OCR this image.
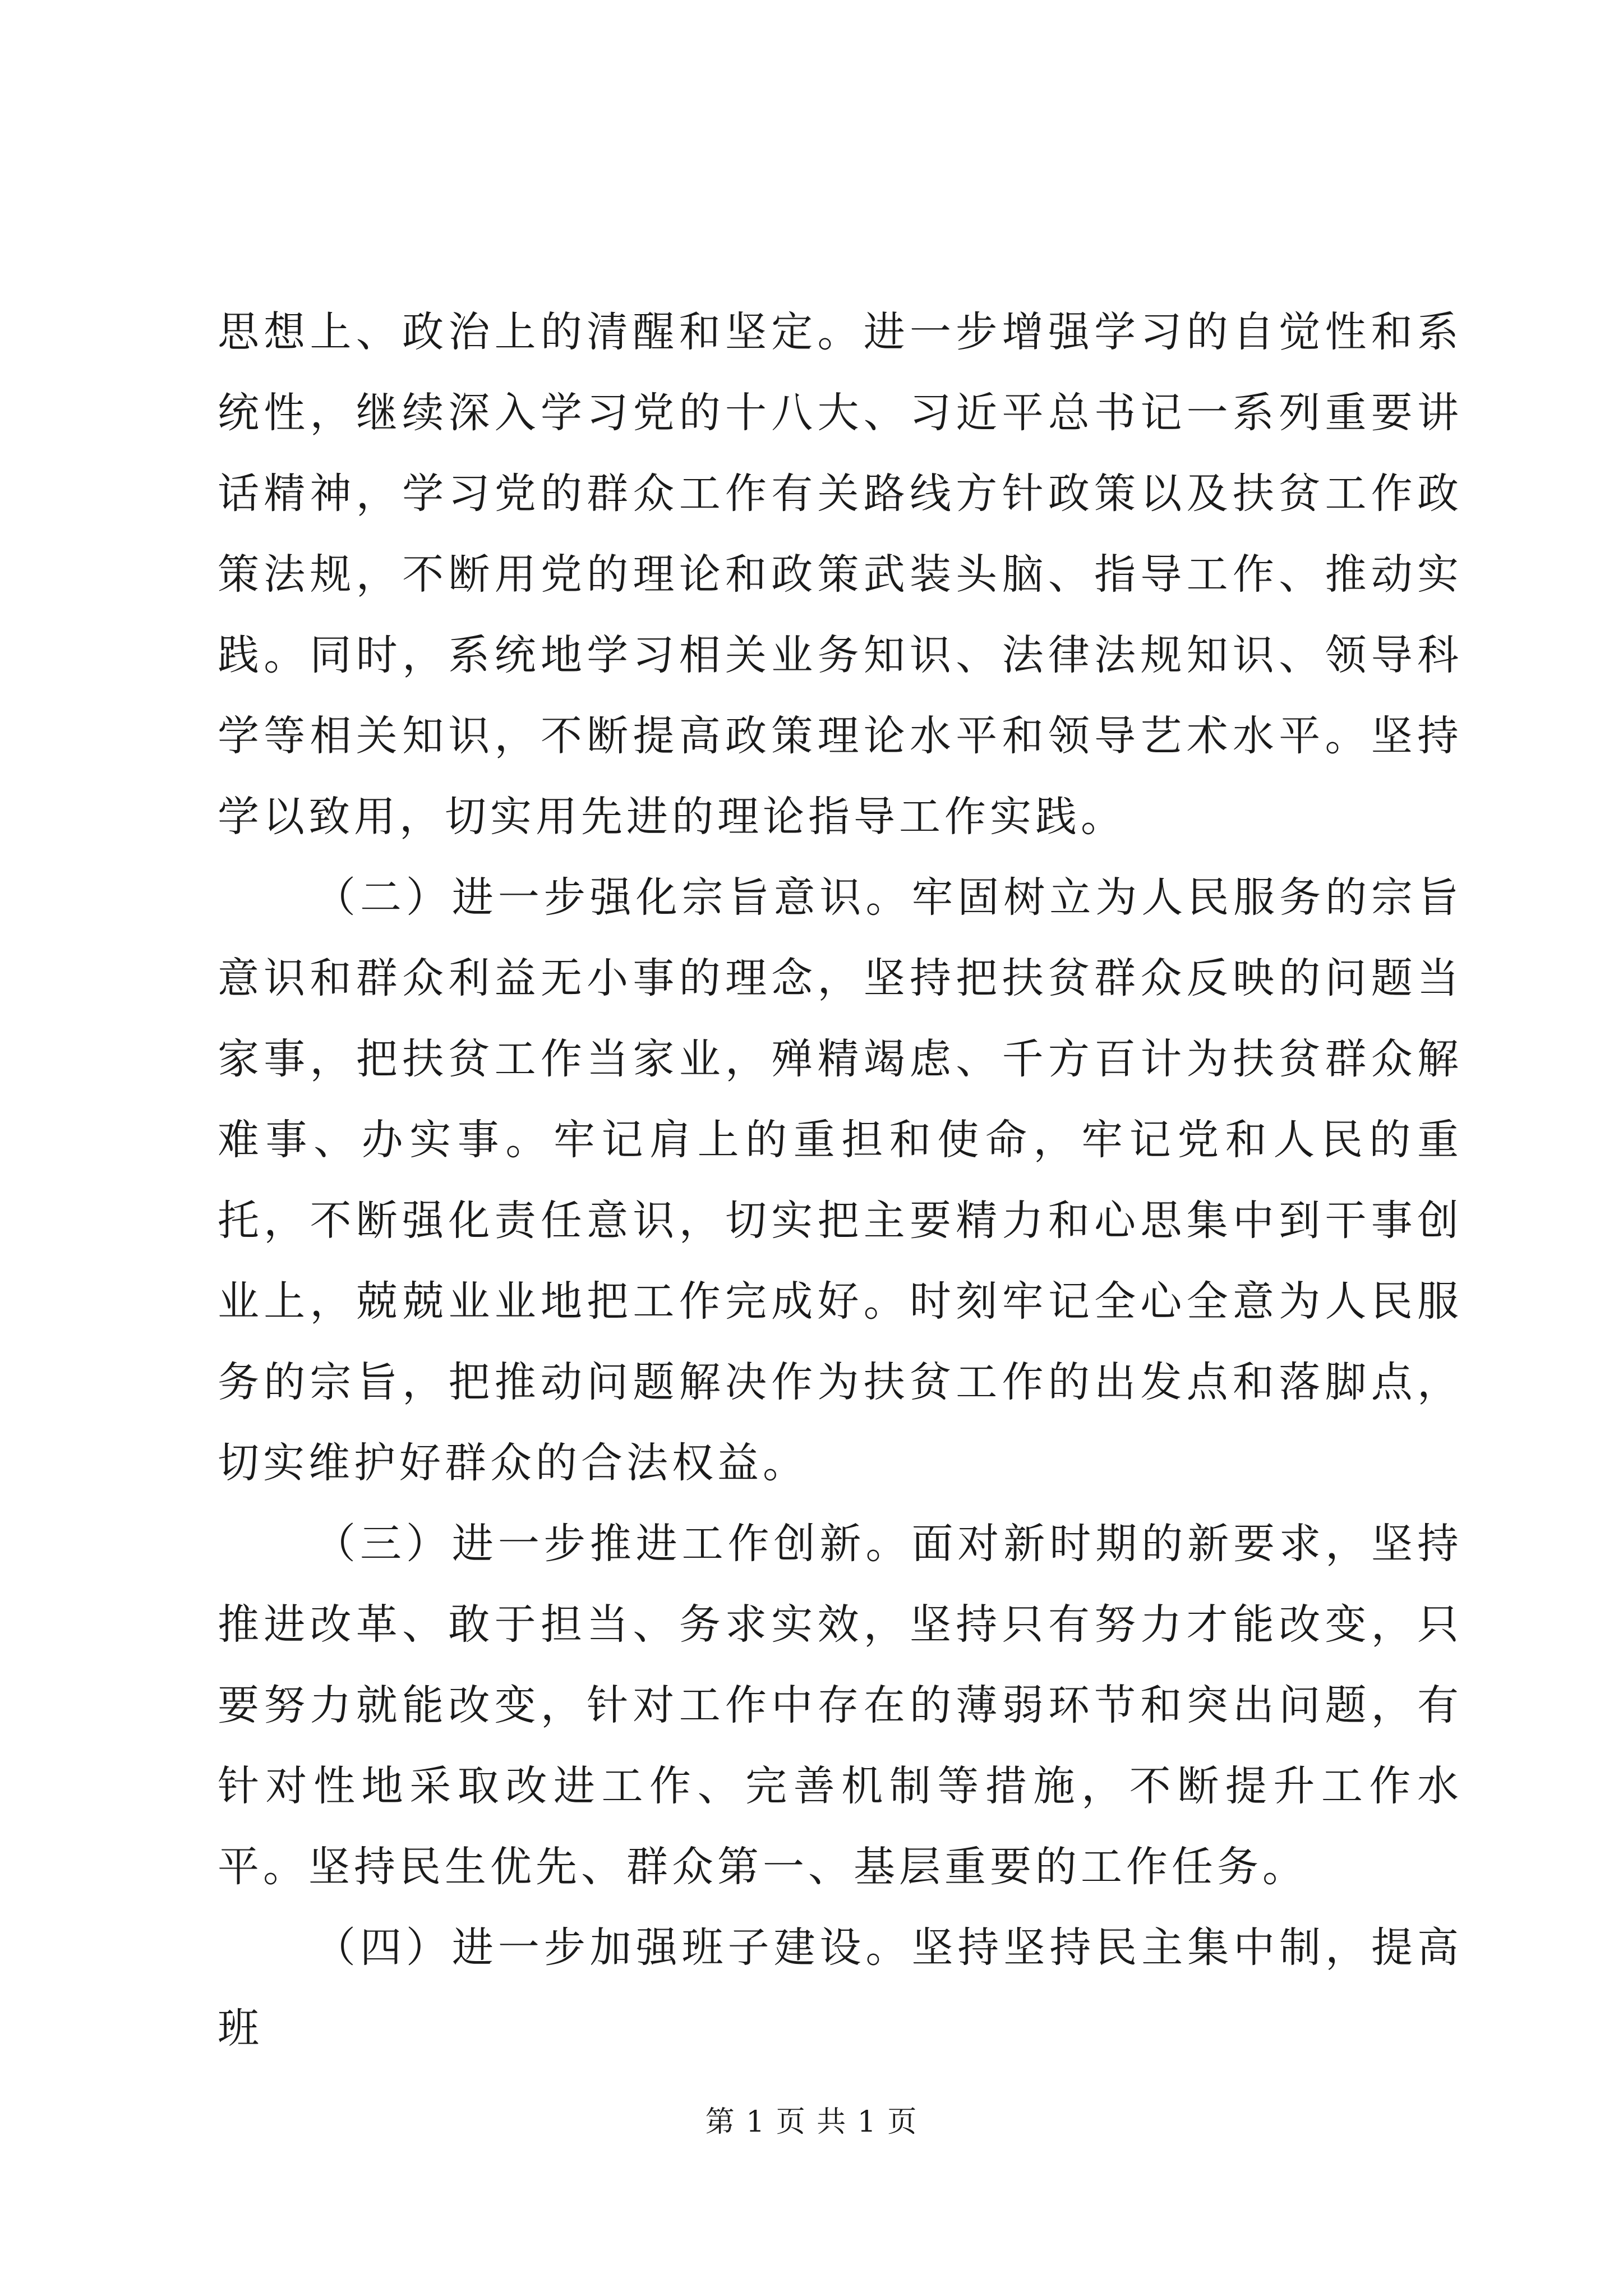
思想上、政治上的清醒和坚定。进一步增强学习的自觉性和系统性，继续深入学习党的十八大、习近平总书记一系列重要讲话精神，学习党的群众工作有关路线方针政策以及扶贫工作政策法规，不断用党的理论和政策武装头脑、指导工作、推动实践。同时，系统地学习相关业务知识、法律法规知识、领导科学等相关知识，不断提高政策理论水平和领导艺术水平。坚持学以致用，切实用先进的理论指导工作实践。

（二）进一步强化宗旨意识。牢固树立为人民服务的宗旨意识和群众利益无小事的理念，坚持把扶贫群众反映的问题当家事，把扶贫工作当家业，殚精竭虑、千方百计为扶贫群众解难事、办实事。牢记肩上的重担和使命，牢记党和人民的重托，不断强化责任意识，切实把主要精力和心思集中到干事创业上，兢兢业业地把工作完成好。时刻牢记全心全意为人民服务的宗旨，把推动问题解决作为扶贫工作的出发点和落脚点，切实维护好群众的合法权益。

（三）进一步推进工作创新。面对新时期的新要求，坚持推进改革、敢于担当、务求实效，坚持只有努力才能改变，只要努力就能改变，针对工作中存在的薄弱环节和突出问题，有针对性地采取改进工作、完善机制等措施，不断提升工作水平。坚持民生优先、群众第一、基层重要的工作任务。

（四）进一步加强班子建设。坚持坚持民主集中制，提高班

第 1 页 共 1 页
